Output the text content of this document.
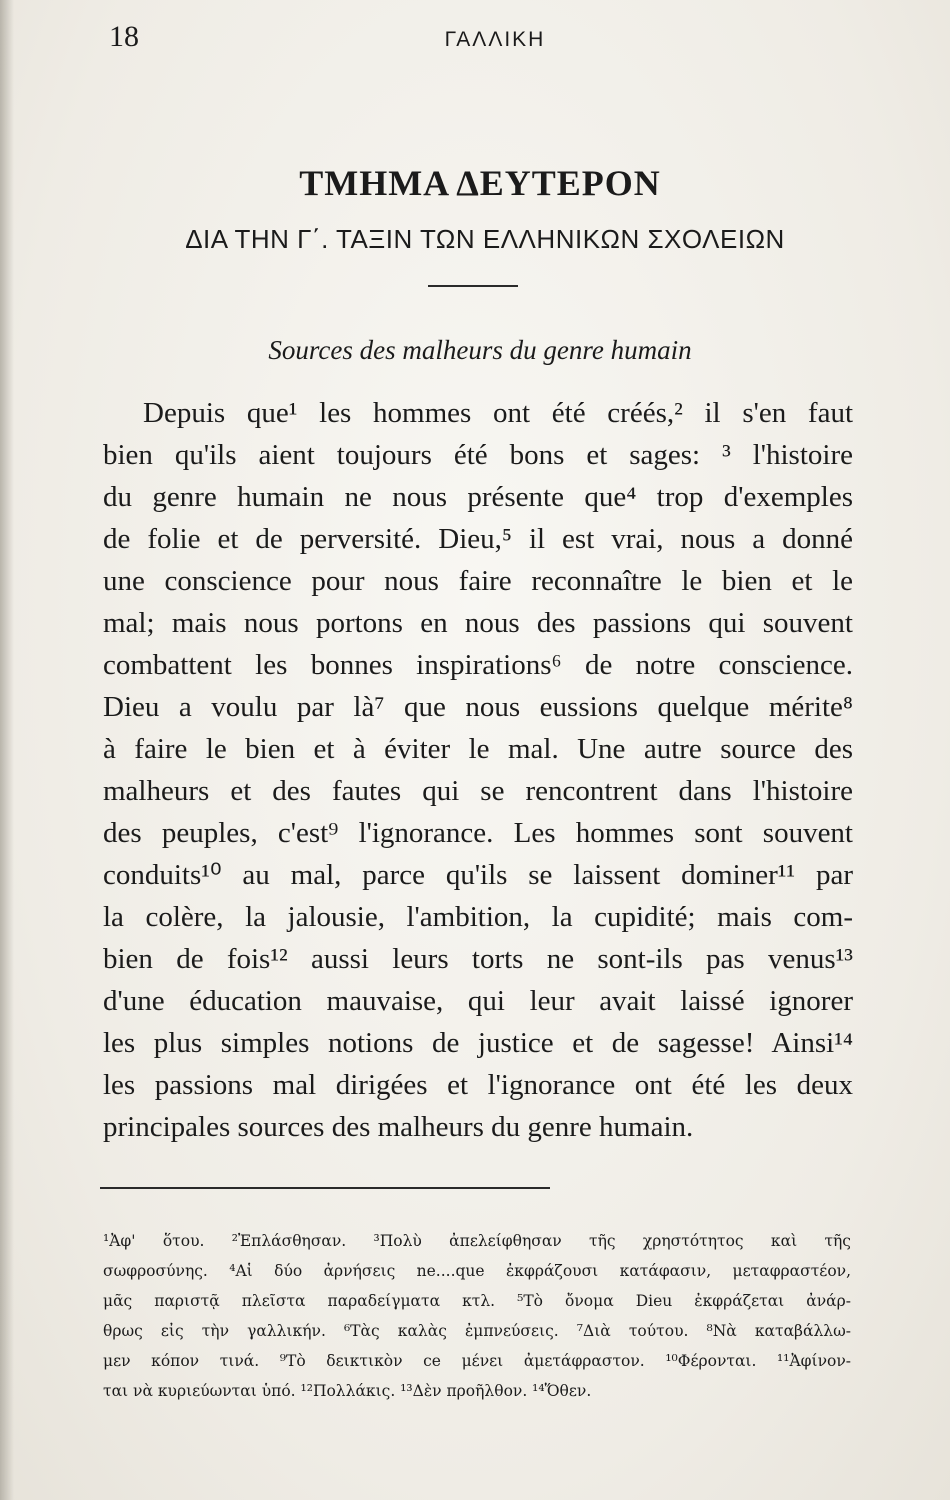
18	ΓΑΛΛΙΚΗ
ΤΜΗΜΑ ΔΕΥΤΕΡΟΝ
ΔΙΑ ΤΗΝ Γ΄. ΤΑΞΙΝ ΤΩΝ ΕΛΛΗΝΙΚΩΝ ΣΧΟΛΕΙΩΝ
Sources des malheurs du genre humain
Depuis que¹ les hommes ont été créés,² il s'en faut
bien qu'ils aient toujours été bons et sages: ³ l'histoire
du genre humain ne nous présente que⁴ trop d'exemples
de folie et de perversité. Dieu,⁵ il est vrai, nous a donné
une conscience pour nous faire reconnaître le bien et le
mal; mais nous portons en nous des passions qui souvent
combattent les bonnes inspirations⁶ de notre conscience.
Dieu a voulu par là⁷ que nous eussions quelque mérite⁸
à faire le bien et à éviter le mal. Une autre source des
malheurs et des fautes qui se rencontrent dans l'histoire
des peuples, c'est⁹ l'ignorance. Les hommes sont souvent
conduits¹⁰ au mal, parce qu'ils se laissent dominer¹¹ par
la colère, la jalousie, l'ambition, la cupidité; mais com-
bien de fois¹² aussi leurs torts ne sont-ils pas venus¹³
d'une éducation mauvaise, qui leur avait laissé ignorer
les plus simples notions de justice et de sagesse! Ainsi¹⁴
les passions mal dirigées et l'ignorance ont été les deux
principales sources des malheurs du genre humain.
¹Ἀφ' ὅτου. ²Ἐπλάσθησαν. ³Πολὺ ἀπελείφθησαν τῆς χρηστότητος καὶ τῆς
σωφροσύνης. ⁴Αἱ δύο ἀρνήσεις ne....que ἐκφράζουσι κατάφασιν, μεταφραστέον,
μᾶς παριστᾷ πλεῖστα παραδείγματα κτλ. ⁵Τὸ ὄνομα Dieu ἐκφράζεται ἀνάρ-
θρως εἰς τὴν γαλλικήν. ⁶Τὰς καλὰς ἐμπνεύσεις. ⁷Διὰ τούτου. ⁸Νὰ καταβάλλω-
μεν κόπον τινά. ⁹Τὸ δεικτικὸν ce μένει ἀμετάφραστον. ¹⁰Φέρονται. ¹¹Ἀφίνον-
ται νὰ κυριεύωνται ὑπό. ¹²Πολλάκις. ¹³Δὲν προῆλθον. ¹⁴Ὅθεν.
